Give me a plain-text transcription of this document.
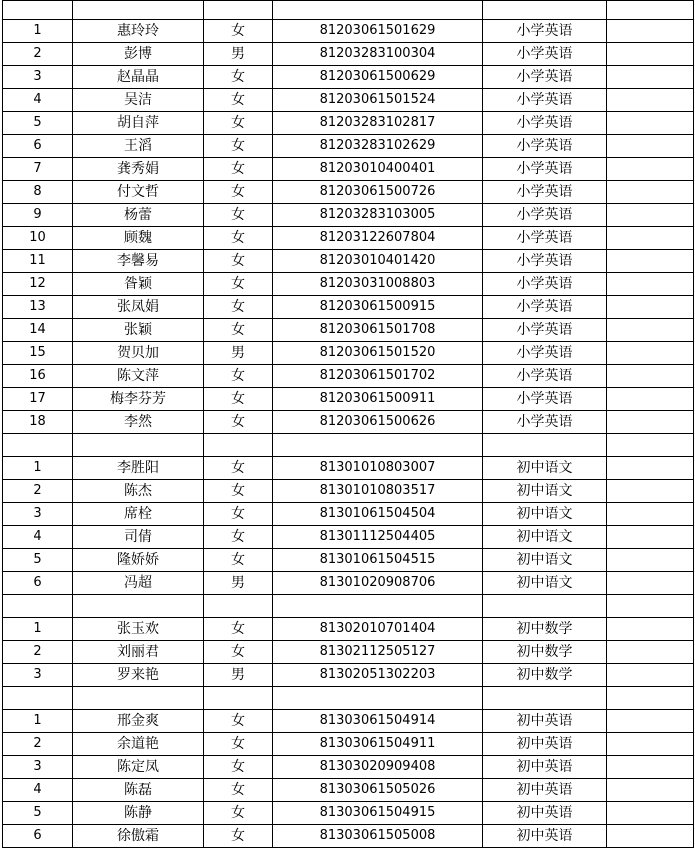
1	惠玲玲	女	81203061501629	小学英语	
2	彭博	男	81203283100304	小学英语	
3	赵晶晶	女	81203061500629	小学英语	
4	吴洁	女	81203061501524	小学英语	
5	胡自萍	女	81203283102817	小学英语	
6	王滔	女	81203283102629	小学英语	
7	龚秀娟	女	81203010400401	小学英语	
8	付文哲	女	81203061500726	小学英语	
9	杨蕾	女	81203283103005	小学英语	
10	顾魏	女	81203122607804	小学英语	
11	李馨易	女	81203010401420	小学英语	
12	昝颖	女	81203031008803	小学英语	
13	张凤娟	女	81203061500915	小学英语	
14	张颖	女	81203061501708	小学英语	
15	贺贝加	男	81203061501520	小学英语	
16	陈文萍	女	81203061501702	小学英语	
17	梅李芬芳	女	81203061500911	小学英语	
18	李然	女	81203061500626	小学英语	

1	李胜阳	女	81301010803007	初中语文	
2	陈杰	女	81301010803517	初中语文	
3	席栓	女	81301061504504	初中语文	
4	司倩	女	81301112504405	初中语文	
5	隆娇娇	女	81301061504515	初中语文	
6	冯超	男	81301020908706	初中语文	

1	张玉欢	女	81302010701404	初中数学	
2	刘丽君	女	81302112505127	初中数学	
3	罗来艳	男	81302051302203	初中数学	

1	邢金爽	女	81303061504914	初中英语	
2	余道艳	女	81303061504911	初中英语	
3	陈定凤	女	81303020909408	初中英语	
4	陈磊	女	81303061505026	初中英语	
5	陈静	女	81303061504915	初中英语	
6	徐傲霜	女	81303061505008	初中英语	
